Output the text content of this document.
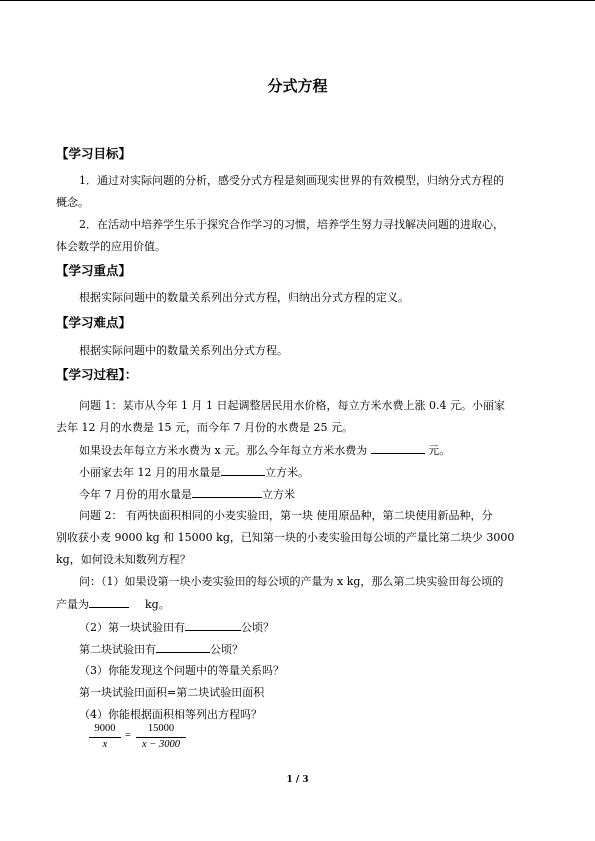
分式方程
【学习目标】
1．通过对实际问题的分析，感受分式方程是刻画现实世界的有效模型，归纳分式方程的
概念。
2．在活动中培养学生乐于探究合作学习的习惯，培养学生努力寻找解决问题的进取心，
体会数学的应用价值。
【学习重点】
根据实际问题中的数量关系列出分式方程，归纳出分式方程的定义。
【学习难点】
根据实际问题中的数量关系列出分式方程。
【学习过程】：
问题 1：某市从今年 1 月 1 日起调整居民用水价格，每立方米水费上涨 0.4 元。小丽家
去年 12 月的水费是 15 元，而今年 7 月份的水费是 25 元。
如果设去年每立方米水费为 x 元。那么今年每立方米水费为	元。
小丽家去年 12 月的用水量是	立方米。
今年 7 月份的用水量是	立方米
问题 2： 有两快面积相同的小麦实验田，第一块 使用原品种，第二块使用新品种，分
别收获小麦 9000 kg 和 15000 kg，已知第一块的小麦实验田每公顷的产量比第二块少 3000
kg，如何设未知数列方程？
问：（1）如果设第一块小麦实验田的每公顷的产量为 x kg，那么第二块实验田每公顷的
产量为	kg。
（2）第一块试验田有	公顷？
第二块试验田有	公顷？
（3）你能发现这个问题中的等量关系吗？
第一块试验田面积=第二块试验田面积
（4）你能根据面积相等列出方程吗？
9000
x
=
15000
x − 3000
1 / 3
